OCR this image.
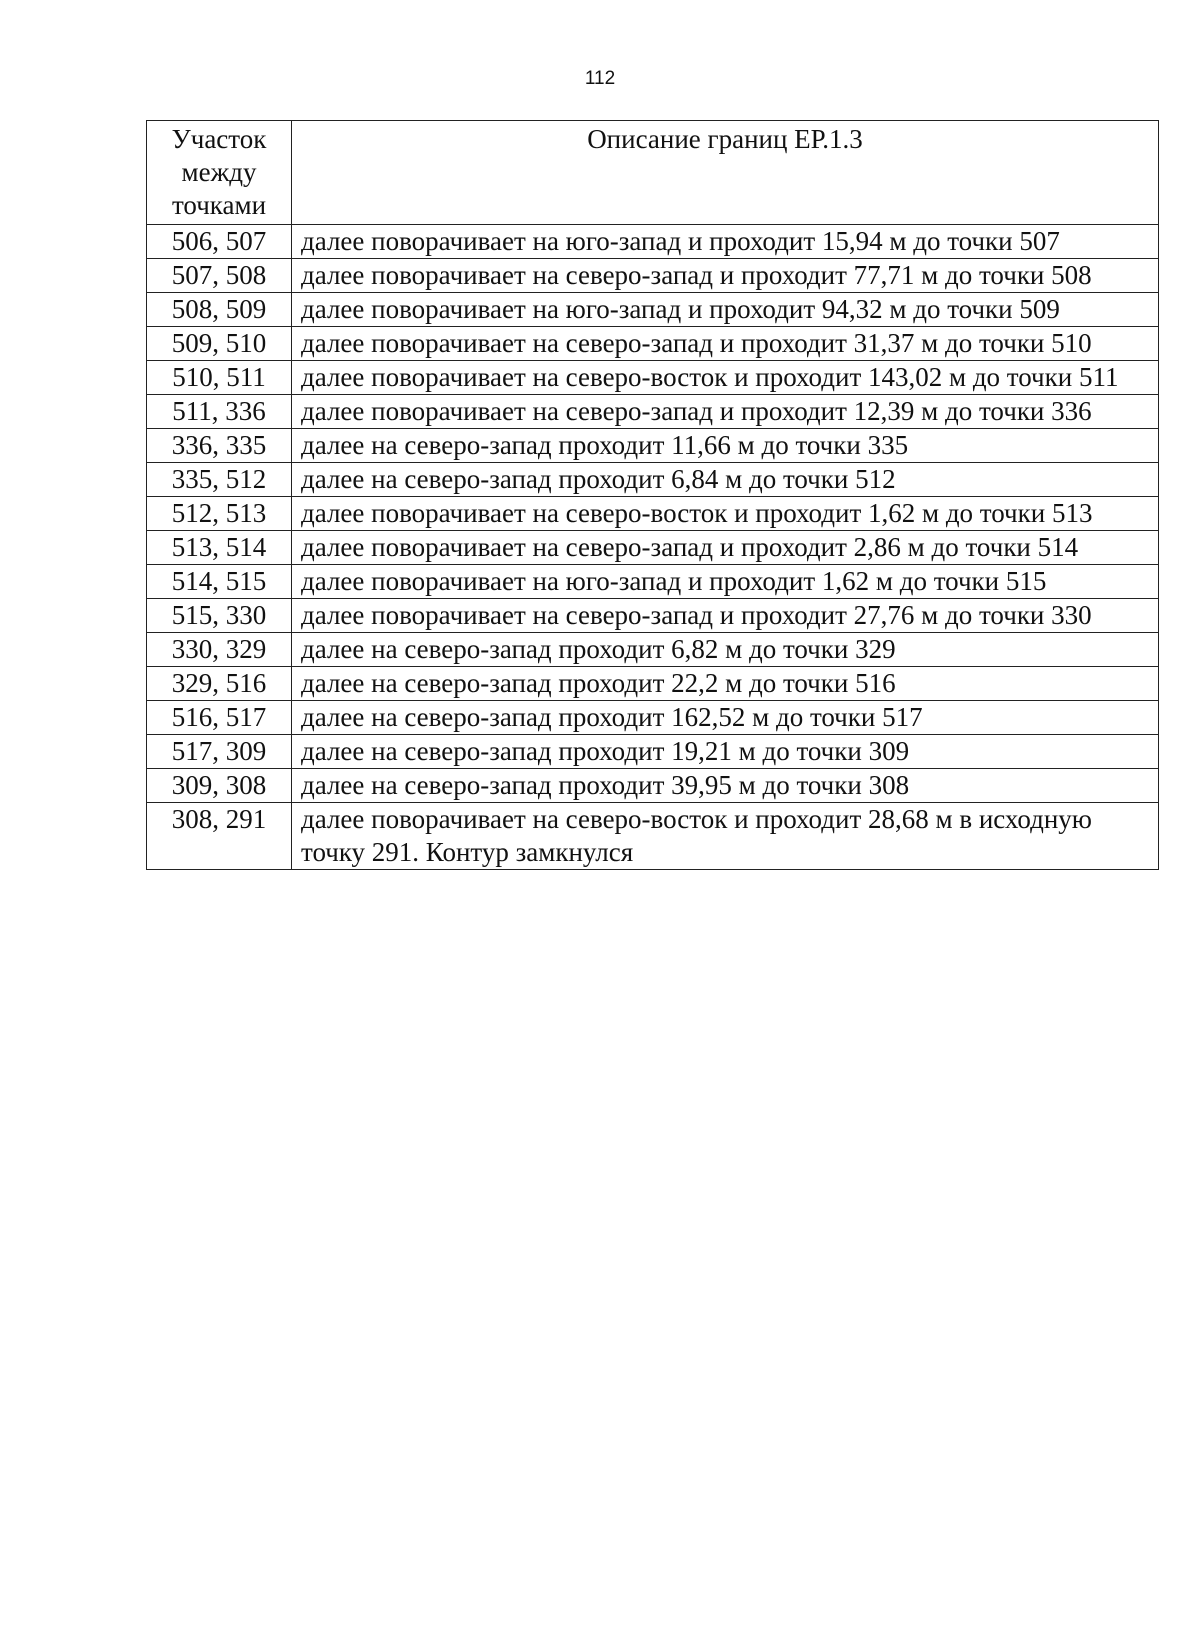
112
Участок между точками	Описание границ ЕР.1.3
506, 507	далее поворачивает на юго-запад и проходит 15,94 м до точки 507
507, 508	далее поворачивает на северо-запад и проходит 77,71 м до точки 508
508, 509	далее поворачивает на юго-запад и проходит 94,32 м до точки 509
509, 510	далее поворачивает на северо-запад и проходит 31,37 м до точки 510
510, 511	далее поворачивает на северо-восток и проходит 143,02 м до точки 511
511, 336	далее поворачивает на северо-запад и проходит 12,39 м до точки 336
336, 335	далее на северо-запад проходит 11,66 м до точки 335
335, 512	далее на северо-запад проходит 6,84 м до точки 512
512, 513	далее поворачивает на северо-восток и проходит 1,62 м до точки 513
513, 514	далее поворачивает на северо-запад и проходит 2,86 м до точки 514
514, 515	далее поворачивает на юго-запад и проходит 1,62 м до точки 515
515, 330	далее поворачивает на северо-запад и проходит 27,76 м до точки 330
330, 329	далее на северо-запад проходит 6,82 м до точки 329
329, 516	далее на северо-запад проходит 22,2 м до точки 516
516, 517	далее на северо-запад проходит 162,52 м до точки 517
517, 309	далее на северо-запад проходит 19,21 м до точки 309
309, 308	далее на северо-запад проходит 39,95 м до точки 308
308, 291	далее поворачивает на северо-восток и проходит 28,68 м в исходную точку 291. Контур замкнулся
